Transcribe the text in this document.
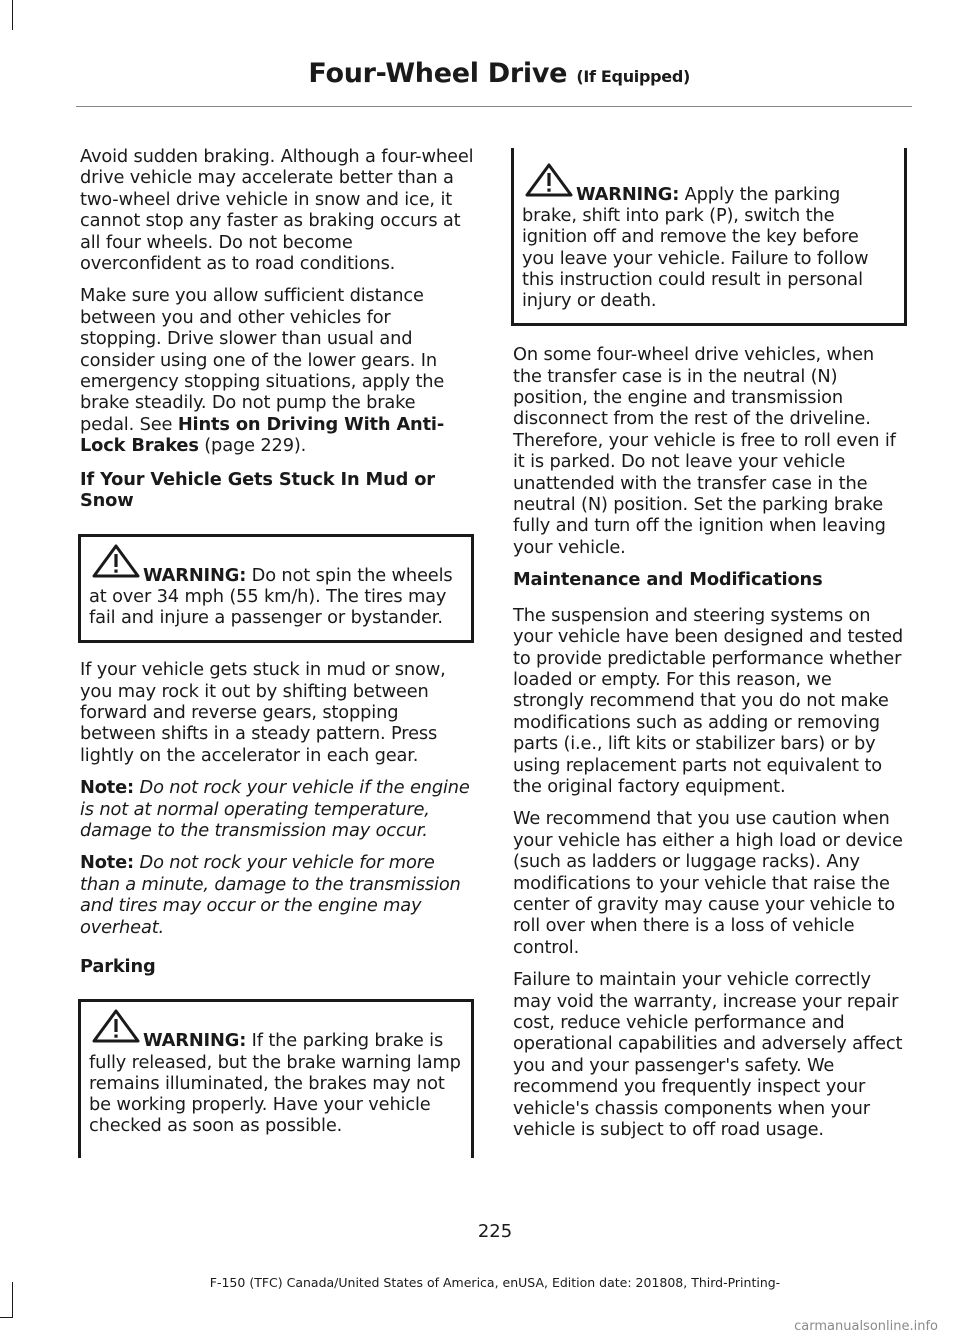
Four-Wheel Drive (If Equipped)

Avoid sudden braking. Although a four-wheel drive vehicle may accelerate better than a two-wheel drive vehicle in snow and ice, it cannot stop any faster as braking occurs at all four wheels. Do not become overconfident as to road conditions.

Make sure you allow sufficient distance between you and other vehicles for stopping. Drive slower than usual and consider using one of the lower gears. In emergency stopping situations, apply the brake steadily. Do not pump the brake pedal. See Hints on Driving With Anti-Lock Brakes (page 229).

If Your Vehicle Gets Stuck In Mud or Snow

WARNING: Do not spin the wheels at over 34 mph (55 km/h). The tires may fail and injure a passenger or bystander.

If your vehicle gets stuck in mud or snow, you may rock it out by shifting between forward and reverse gears, stopping between shifts in a steady pattern. Press lightly on the accelerator in each gear.

Note: Do not rock your vehicle if the engine is not at normal operating temperature, damage to the transmission may occur.

Note: Do not rock your vehicle for more than a minute, damage to the transmission and tires may occur or the engine may overheat.

Parking

WARNING: If the parking brake is fully released, but the brake warning lamp remains illuminated, the brakes may not be working properly. Have your vehicle checked as soon as possible.

WARNING: Apply the parking brake, shift into park (P), switch the ignition off and remove the key before you leave your vehicle. Failure to follow this instruction could result in personal injury or death.

On some four-wheel drive vehicles, when the transfer case is in the neutral (N) position, the engine and transmission disconnect from the rest of the driveline. Therefore, your vehicle is free to roll even if it is parked. Do not leave your vehicle unattended with the transfer case in the neutral (N) position. Set the parking brake fully and turn off the ignition when leaving your vehicle.

Maintenance and Modifications

The suspension and steering systems on your vehicle have been designed and tested to provide predictable performance whether loaded or empty. For this reason, we strongly recommend that you do not make modifications such as adding or removing parts (i.e., lift kits or stabilizer bars) or by using replacement parts not equivalent to the original factory equipment.

We recommend that you use caution when your vehicle has either a high load or device (such as ladders or luggage racks). Any modifications to your vehicle that raise the center of gravity may cause your vehicle to roll over when there is a loss of vehicle control.

Failure to maintain your vehicle correctly may void the warranty, increase your repair cost, reduce vehicle performance and operational capabilities and adversely affect you and your passenger's safety. We recommend you frequently inspect your vehicle's chassis components when your vehicle is subject to off road usage.

225
F-150 (TFC) Canada/United States of America, enUSA, Edition date: 201808, Third-Printing-
carmanualsonline.info
